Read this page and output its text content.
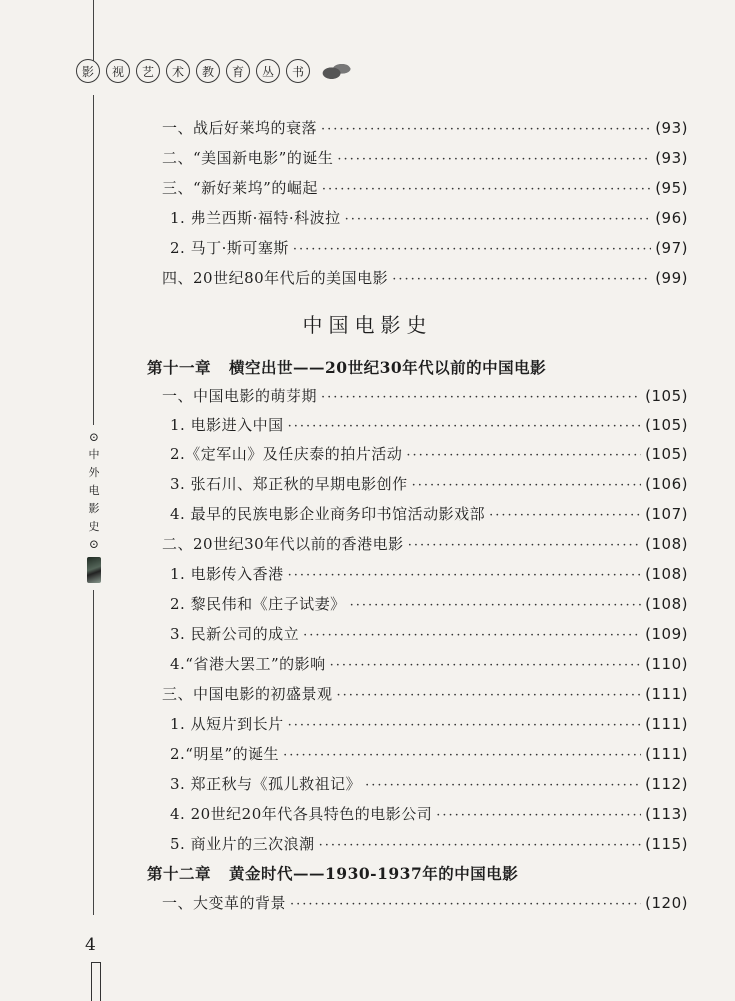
影	视	艺	术	教	育	丛	书
⊙
中
外
电
影
史
⊙
一、战后好莱坞的衰落 ·····	(93)
二、“美国新电影”的诞生 ·····	(93)
三、“新好莱坞”的崛起 ·····	(95)
1. 弗兰西斯·福特·科波拉 ·····	(96)
2. 马丁·斯可塞斯 ·····	(97)
四、20世纪80年代后的美国电影 ·····	(99)
中国电影史
第十一章 横空出世——20世纪30年代以前的中国电影
一、中国电影的萌芽期 ·····	(105)
1. 电影进入中国 ·····	(105)
2.《定军山》及任庆泰的拍片活动 ·····	(105)
3. 张石川、郑正秋的早期电影创作 ·····	(106)
4. 最早的民族电影企业商务印书馆活动影戏部 ·····	(107)
二、20世纪30年代以前的香港电影 ·····	(108)
1. 电影传入香港 ·····	(108)
2. 黎民伟和《庄子试妻》 ·····	(108)
3. 民新公司的成立 ·····	(109)
4.“省港大罢工”的影响 ·····	(110)
三、中国电影的初盛景观 ·····	(111)
1. 从短片到长片 ·····	(111)
2.“明星”的诞生 ·····	(111)
3. 郑正秋与《孤儿救祖记》 ·····	(112)
4. 20世纪20年代各具特色的电影公司 ·····	(113)
5. 商业片的三次浪潮 ·····	(115)
第十二章 黄金时代——1930-1937年的中国电影
一、大变革的背景 ·····	(120)
4
